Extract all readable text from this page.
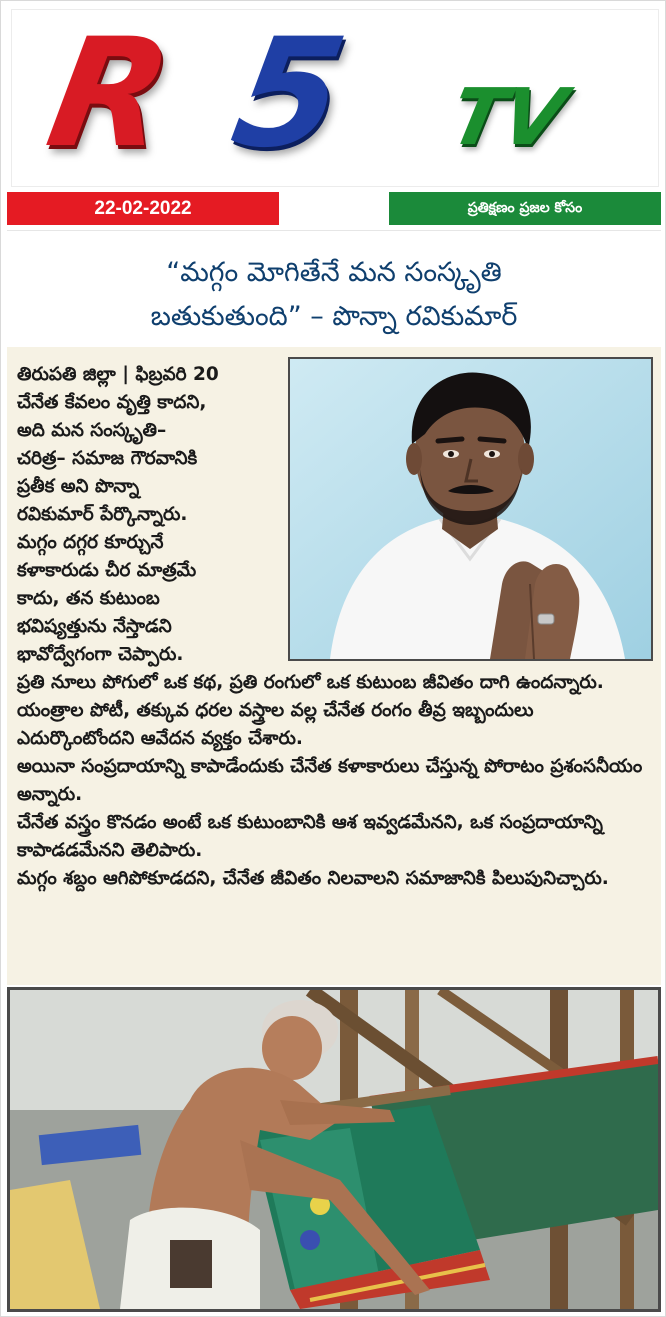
R 5 TV
22-02-2022	ప్రతిక్షణం ప్రజల కోసం
“మగ్గం మోగితేనే మన సంస్కృతి
బతుకుతుంది” – పొన్నా రవికుమార్
తిరుపతి జిల్లా | ఫిబ్రవరి 20
చేనేత కేవలం వృత్తి కాదని,
అది మన సంస్కృతి–
చరిత్ర– సమాజ గౌరవానికి
ప్రతీక అని పొన్నా
రవికుమార్ పేర్కొన్నారు.
మగ్గం దగ్గర కూర్చునే
కళాకారుడు చీర మాత్రమే
కాదు, తన కుటుంబ
భవిష్యత్తును నేస్తాడని
భావోద్వేగంగా చెప్పారు.

ప్రతి నూలు పోగులో ఒక కథ, ప్రతి రంగులో ఒక కుటుంబ జీవితం దాగి ఉందన్నారు.

యంత్రాల పోటీ, తక్కువ ధరల వస్త్రాల వల్ల చేనేత రంగం తీవ్ర ఇబ్బందులు ఎదుర్కొంటోందని ఆవేదన వ్యక్తం చేశారు.

అయినా సంప్రదాయాన్ని కాపాడేందుకు చేనేత కళాకారులు చేస్తున్న పోరాటం ప్రశంసనీయం అన్నారు.

చేనేత వస్త్రం కొనడం అంటే ఒక కుటుంబానికి ఆశ ఇవ్వడమేనని, ఒక సంప్రదాయాన్ని కాపాడడమేనని తెలిపారు.

మగ్గం శబ్దం ఆగిపోకూడదని, చేనేత జీవితం నిలవాలని సమాజానికి పిలుపునిచ్చారు.
